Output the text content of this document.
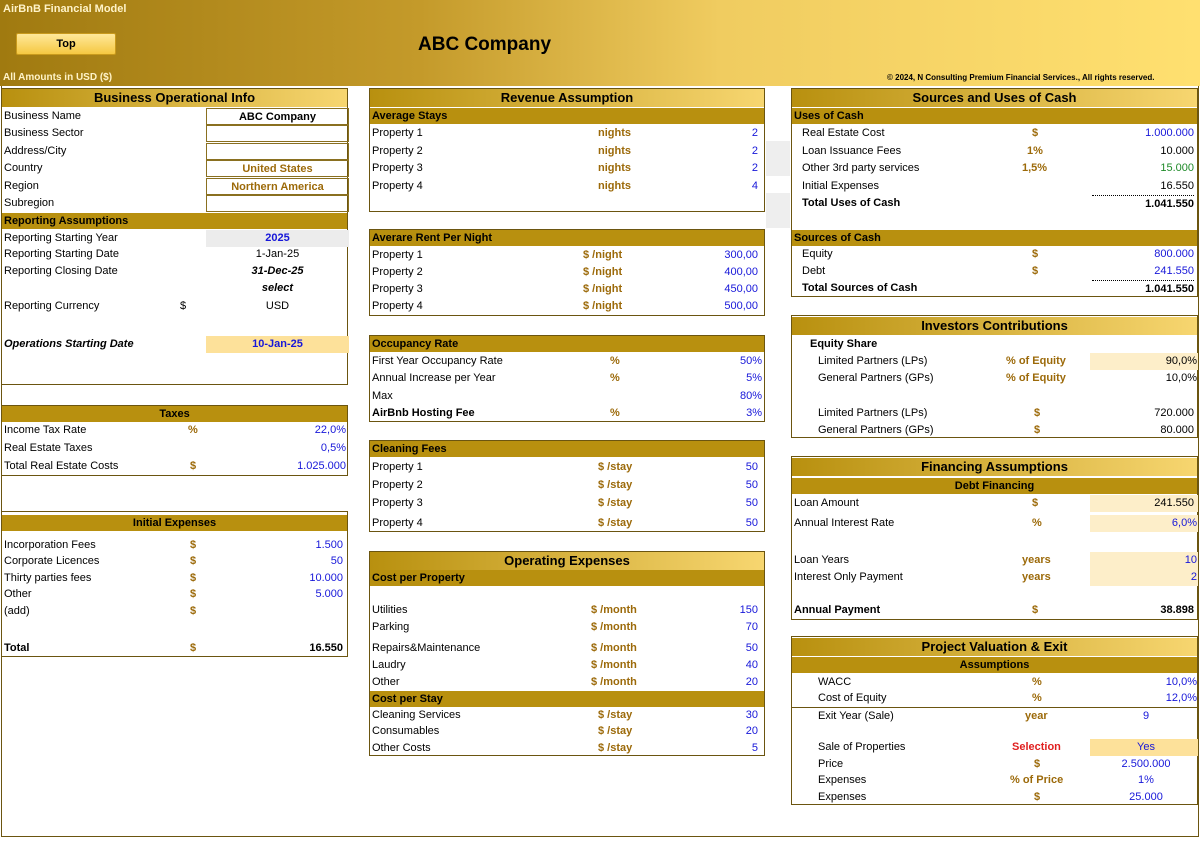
AirBnB Financial Model
Top	ABC Company
All Amounts in USD ($)	© 2024, N Consulting Premium Financial Services., All rights reserved.
Business Operational Info
Business Name	ABC Company
Business Sector
Address/City
Country	United States
Region	Northern America
Subregion
Reporting Assumptions
Reporting Starting Year	2025
Reporting Starting Date	1-Jan-25
Reporting Closing Date	31-Dec-25
select
Reporting Currency	$	USD
Operations Starting Date	10-Jan-25
Taxes
Income Tax Rate	%	22,0%
Real Estate Taxes	0,5%
Total Real Estate Costs	$	1.025.000
Initial Expenses
Incorporation Fees	$	1.500
Corporate Licences	$	50
Thirty parties fees	$	10.000
Other	$	5.000
(add)	$
Total	$	16.550
Revenue Assumption
Average Stays
Property 1	nights	2
Property 2	nights	2
Property 3	nights	2
Property 4	nights	4
Averare Rent Per Night
Property 1	$ /night	300,00
Property 2	$ /night	400,00
Property 3	$ /night	450,00
Property 4	$ /night	500,00
Occupancy Rate
First Year Occupancy Rate	%	50%
Annual Increase per Year	%	5%
Max	80%
AirBnb Hosting Fee	%	3%
Cleaning Fees
Property 1	$ /stay	50
Property 2	$ /stay	50
Property 3	$ /stay	50
Property 4	$ /stay	50
Operating Expenses
Cost per Property
Utilities	$ /month	150
Parking	$ /month	70
Repairs&Maintenance	$ /month	50
Laudry	$ /month	40
Other	$ /month	20
Cost per Stay
Cleaning Services	$ /stay	30
Consumables	$ /stay	20
Other Costs	$ /stay	5
Sources and Uses of Cash
Uses of Cash
Real Estate Cost	$	1.000.000
Loan Issuance Fees	1%	10.000
Other 3rd party services	1,5%	15.000
Initial Expenses	16.550
Total Uses of Cash	1.041.550
Sources of Cash
Equity	$	800.000
Debt	$	241.550
Total Sources of Cash	1.041.550
Investors Contributions
Equity Share
Limited Partners (LPs)	% of Equity	90,0%
General Partners (GPs)	% of Equity	10,0%
Limited Partners (LPs)	$	720.000
General Partners (GPs)	$	80.000
Financing Assumptions
Debt Financing
Loan Amount	$	241.550
Annual Interest Rate	%	6,0%
Loan Years	years	10
Interest Only Payment	years	2
Annual Payment	$	38.898
Project Valuation & Exit
Assumptions
WACC	%	10,0%
Cost of Equity	%	12,0%
Exit Year (Sale)	year	9
Sale of Properties	Selection	Yes
Price	$	2.500.000
Expenses	% of Price	1%
Expenses	$	25.000
